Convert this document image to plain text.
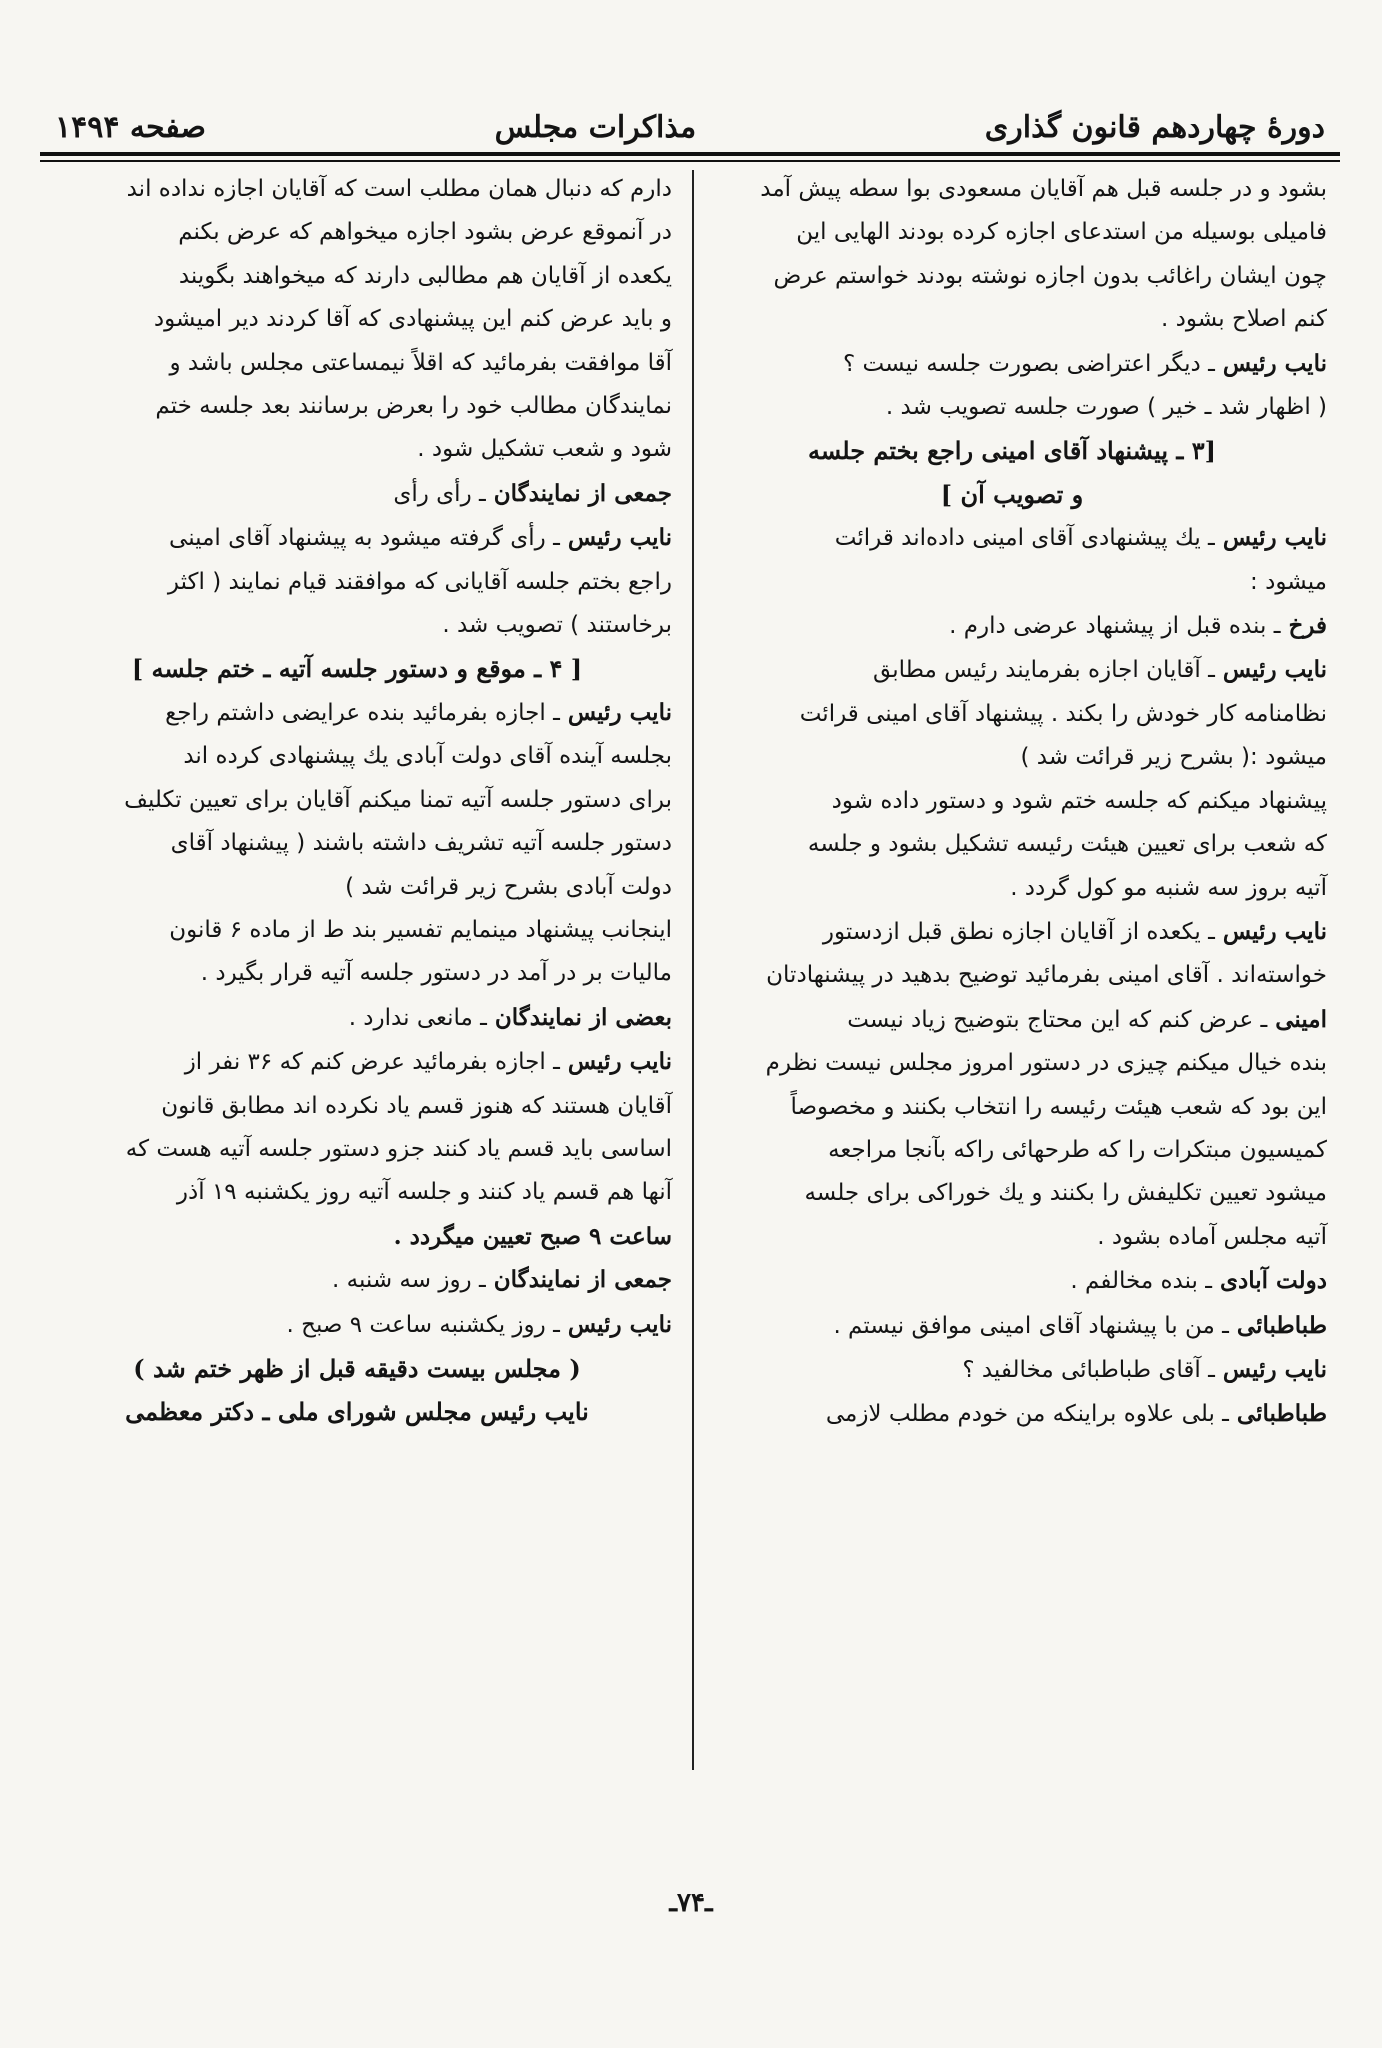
دورهٔ چهاردهم قانون گذاری
مذاکرات مجلس
صفحه ۱۴۹۴

بشود و در جلسه قبل هم آقایان مسعودی بوا سطه پیش آمد

فامیلی بوسیله من استدعای اجازه کرده بودند الهایی این

چون ایشان راغائب بدون اجازه نوشته بودند خواستم عرض

کنم اصلاح بشود .

نایب رئیس ـ دیگر اعتراضی بصورت جلسه نیست ؟

( اظهار شد ـ خیر ) صورت جلسه تصویب شد .

[۳ ـ پیشنهاد آقای امینی راجع بختم جلسه

و تصویب آن ]

نایب رئیس ـ یك پیشنهادی آقای امینی داده‌اند قرائت

میشود :

فرخ ـ بنده قبل از پیشنهاد عرضی دارم .

نایب رئیس ـ آقایان اجازه بفرمایند رئیس مطابق

نظامنامه کار خودش را بکند . پیشنهاد آقای امینی قرائت

میشود :( بشرح زیر قرائت شد )

پیشنهاد میکنم که جلسه ختم شود و دستور داده شود

که شعب برای تعیین هیئت رئیسه تشکیل بشود و جلسه

آتیه بروز سه شنبه مو کول گردد .

نایب رئیس ـ یکعده از آقایان اجازه نطق قبل ازدستور

خواسته‌اند . آقای امینی بفرمائید توضیح بدهید در پیشنهادتان

امینی ـ عرض کنم که این محتاج بتوضیح زیاد نیست

بنده خیال میکنم چیزی در دستور امروز مجلس نیست نظرم

این بود که شعب هیئت رئیسه را انتخاب بکنند و مخصوصاً

کمیسیون مبتکرات را که طرحهائی راکه بآنجا مراجعه

میشود تعیین تکلیفش را بکنند و یك خوراکی برای جلسه

آتیه مجلس آماده بشود .

دولت آبادی ـ بنده مخالفم .

طباطبائی ـ من با پیشنهاد آقای امینی موافق نیستم .

نایب رئیس ـ آقای طباطبائی مخالفید ؟

طباطبائی ـ بلی علاوه براینکه من خودم مطلب لازمی

دارم که دنبال همان مطلب است که آقایان اجازه نداده اند

در آنموقع عرض بشود اجازه میخواهم که عرض بکنم

یکعده از آقایان هم مطالبی دارند که میخواهند بگویند

و باید عرض کنم این پیشنهادی که آقا کردند دیر امیشود

آقا موافقت بفرمائید که اقلاً نیمساعتی مجلس باشد و

نمایندگان مطالب خود را بعرض برسانند بعد جلسه ختم

شود و شعب تشکیل شود .

جمعی از نمایندگان ـ رأی رأی

نایب رئیس ـ رأی گرفته میشود به پیشنهاد آقای امینی

راجع بختم جلسه آقایانی که موافقند قیام نمایند ( اکثر

برخاستند ) تصویب شد .

[ ۴ ـ موقع و دستور جلسه آتیه ـ ختم جلسه ]

نایب رئیس ـ اجازه بفرمائید بنده عرایضی داشتم راجع

بجلسه آینده آقای دولت آبادی یك پیشنهادی کرده اند

برای دستور جلسه آتیه تمنا میکنم آقایان برای تعیین تکلیف

دستور جلسه آتیه تشریف داشته باشند ( پیشنهاد آقای

دولت آبادی بشرح زیر قرائت شد )

اینجانب پیشنهاد مینمایم تفسیر بند ط از ماده ۶ قانون

مالیات بر در آمد در دستور جلسه آتیه قرار بگیرد .

بعضی از نمایندگان ـ مانعی ندارد .

نایب رئیس ـ اجازه بفرمائید عرض کنم که ۳۶ نفر از

آقایان هستند که هنوز قسم یاد نکرده اند مطابق قانون

اساسی باید قسم یاد کنند جزو دستور جلسه آتیه هست که

آنها هم قسم یاد کنند و جلسه آتیه روز یکشنبه ۱۹ آذر

ساعت ۹ صبح تعیین میگردد .

جمعی از نمایندگان ـ روز سه شنبه .

نایب رئیس ـ روز یکشنبه ساعت ۹ صبح .

( مجلس بیست دقیقه قبل از ظهر ختم شد )

نایب رئیس مجلس شورای ملی ـ دکتر معظمی

ـ۷۴ـ
